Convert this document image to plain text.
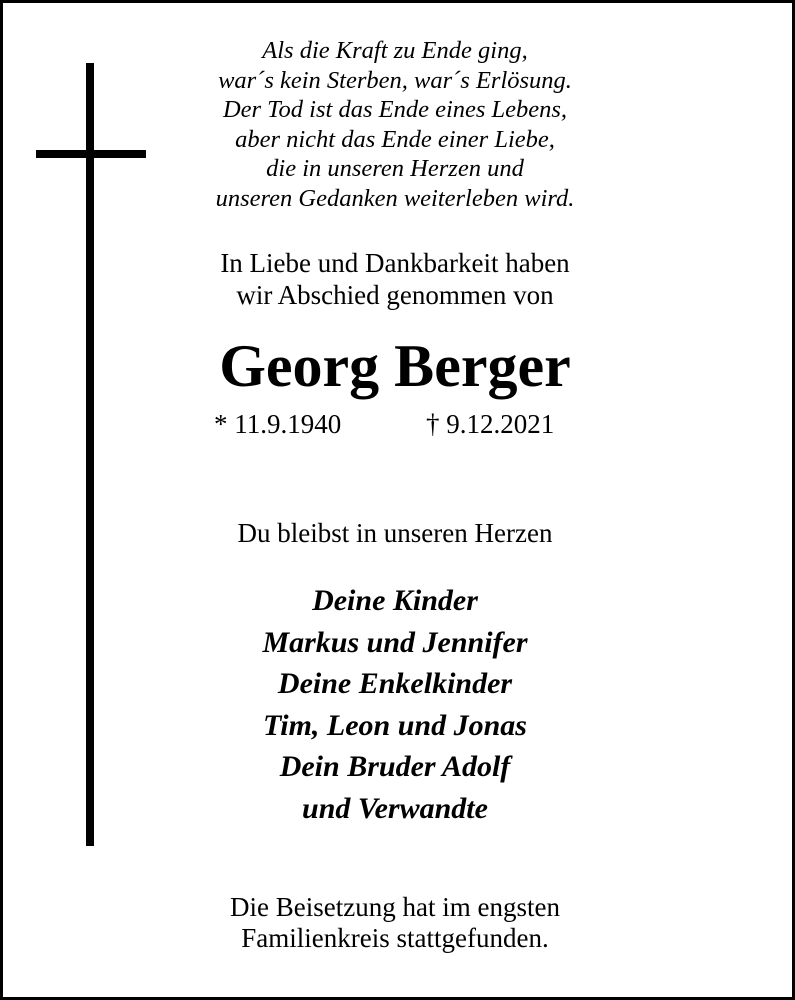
Als die Kraft zu Ende ging,
war´s kein Sterben, war´s Erlösung.
Der Tod ist das Ende eines Lebens,
aber nicht das Ende einer Liebe,
die in unseren Herzen und
unseren Gedanken weiterleben wird.
In Liebe und Dankbarkeit haben
wir Abschied genommen von
Georg Berger
* 11.9.1940	† 9.12.2021
Du bleibst in unseren Herzen
Deine Kinder
Markus und Jennifer
Deine Enkelkinder
Tim, Leon und Jonas
Dein Bruder Adolf
und Verwandte
Die Beisetzung hat im engsten
Familienkreis stattgefunden.
